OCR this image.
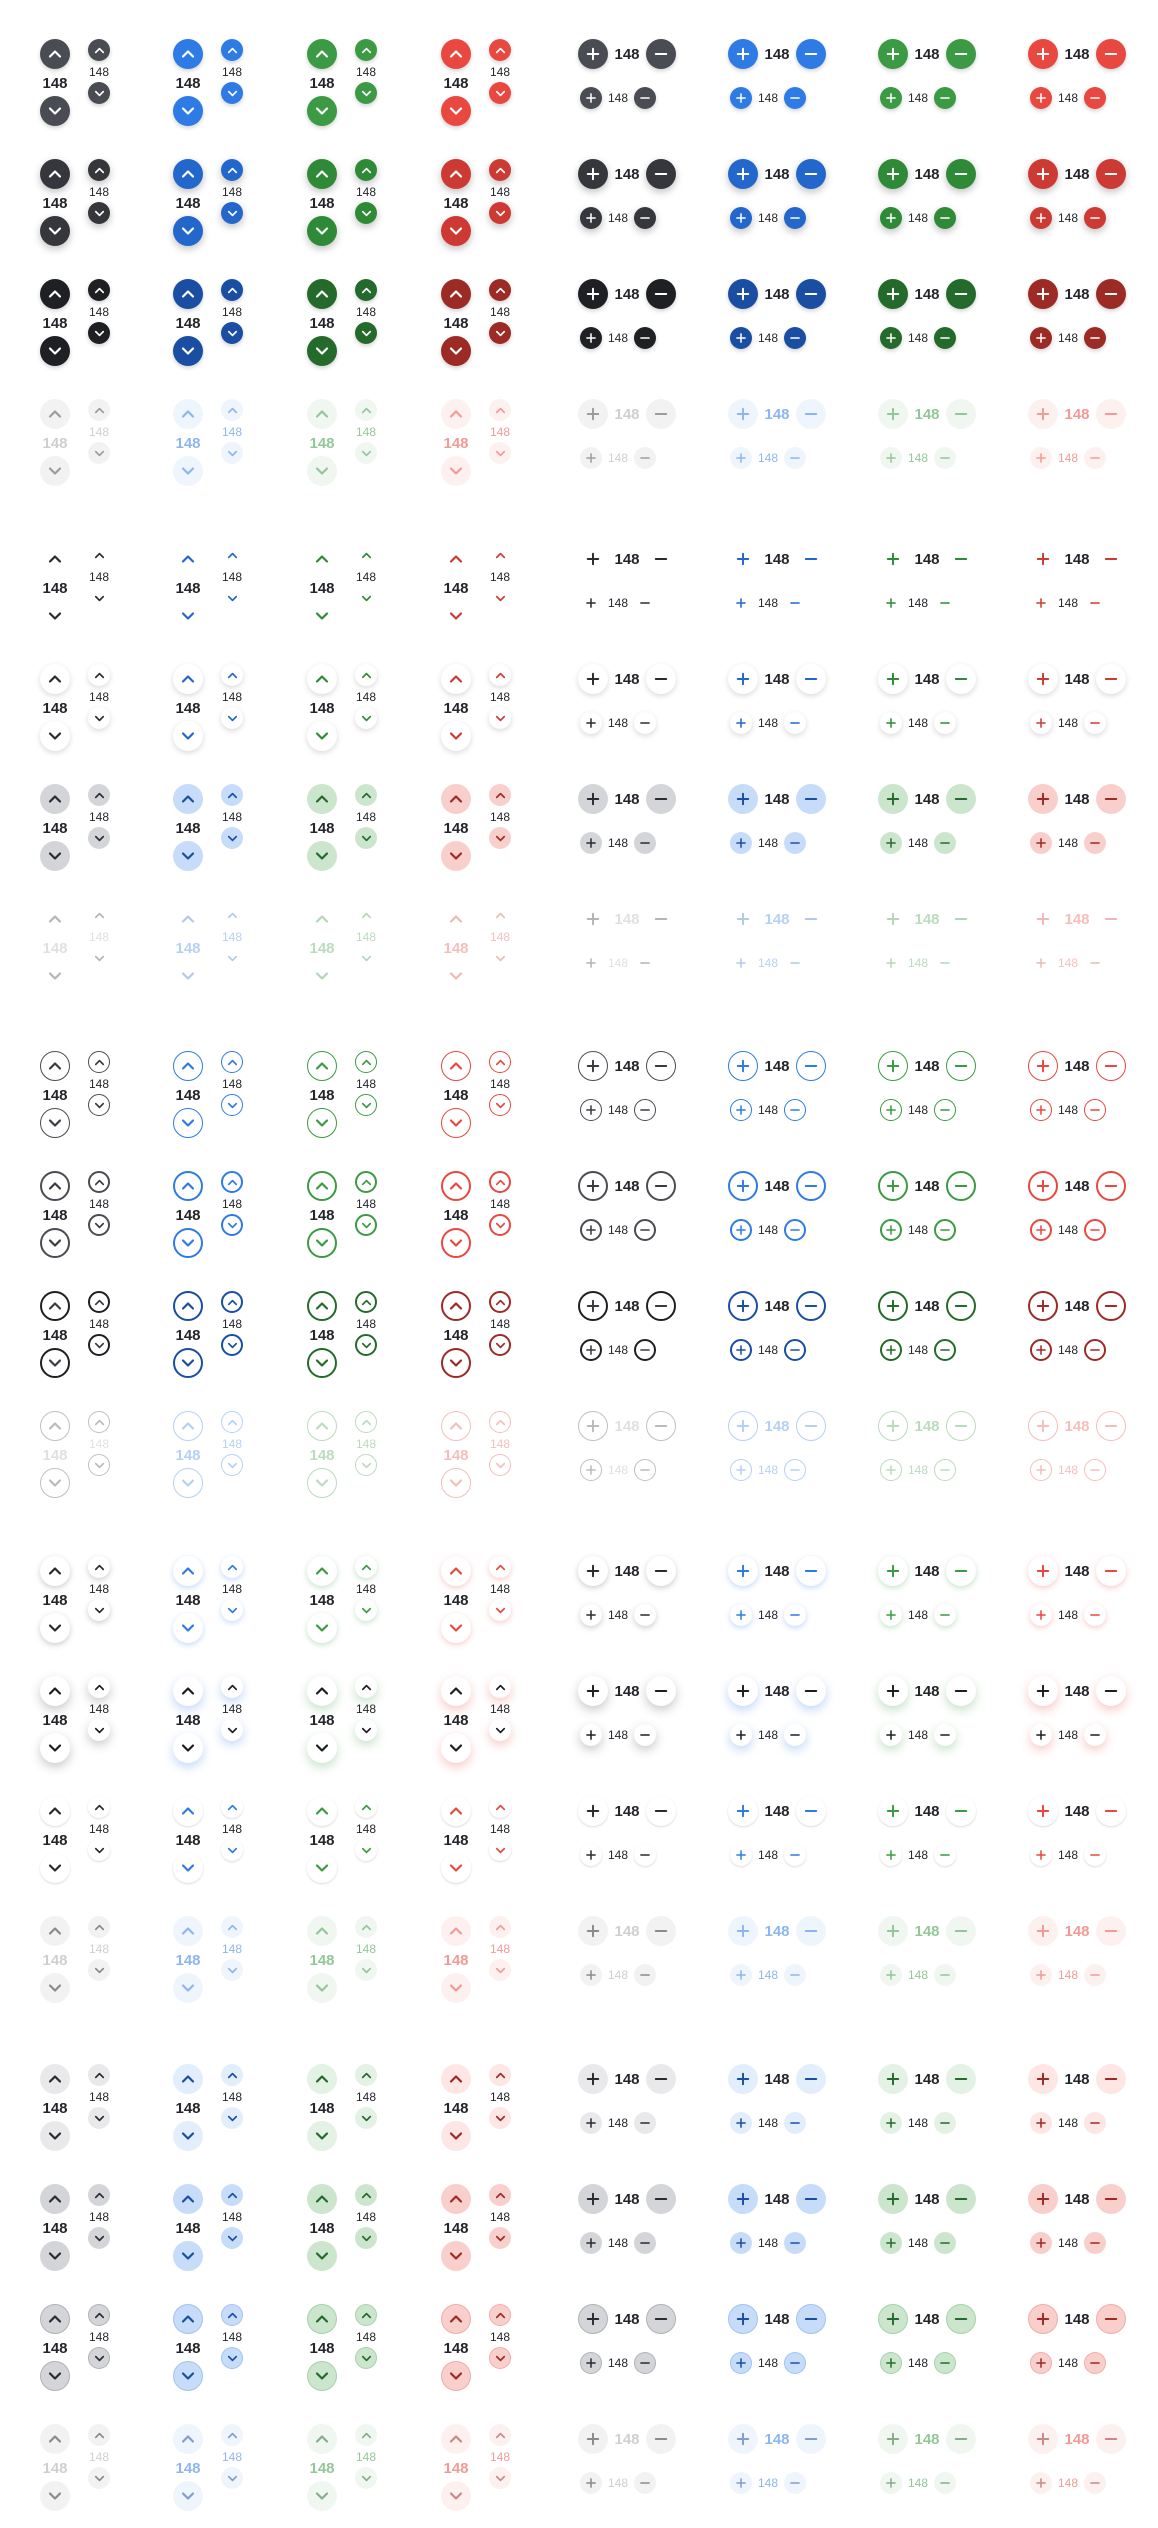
148
148
148
148
148
148
148
148
148
148
148
148
148
148
148
148
148
148
148
148
148
148
148
148
148
148
148
148
148
148
148
148
148
148
148
148
148
148
148
148
148
148
148
148
148
148
148
148
148
148
148
148
148
148
148
148
148
148
148
148
148
148
148
148
148
148
148
148
148
148
148
148
148
148
148
148
148
148
148
148
148
148
148
148
148
148
148
148
148
148
148
148
148
148
148
148
148
148
148
148
148
148
148
148
148
148
148
148
148
148
148
148
148
148
148
148
148
148
148
148
148
148
148
148
148
148
148
148
148
148
148
148
148
148
148
148
148
148
148
148
148
148
148
148
148
148
148
148
148
148
148
148
148
148
148
148
148
148
148
148
148
148
148
148
148
148
148
148
148
148
148
148
148
148
148
148
148
148
148
148
148
148
148
148
148
148
148
148
148
148
148
148
148
148
148
148
148
148
148
148
148
148
148
148
148
148
148
148
148
148
148
148
148
148
148
148
148
148
148
148
148
148
148
148
148
148
148
148
148
148
148
148
148
148
148
148
148
148
148
148
148
148
148
148
148
148
148
148
148
148
148
148
148
148
148
148
148
148
148
148
148
148
148
148
148
148
148
148
148
148
148
148
148
148
148
148
148
148
148
148
148
148
148
148
148
148
148
148
148
148
148
148
148
148
148
148
148
148
148
148
148
148
148
148
148
148
148
148
148
148
148
148
148
148
148
148
148
148
148
148
